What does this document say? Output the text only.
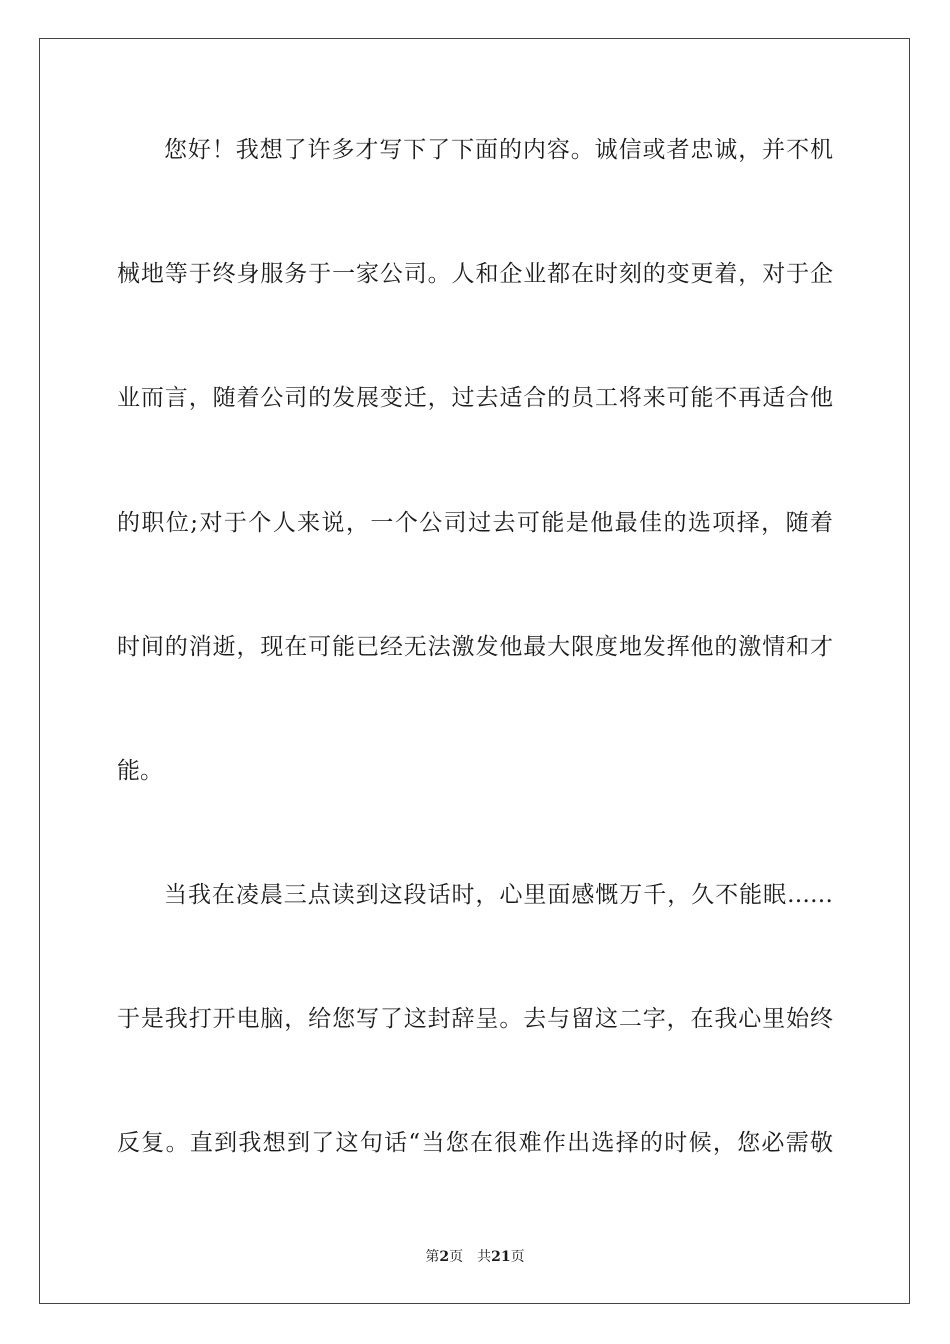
您好！我想了许多才写下了下面的内容。诚信或者忠诚，并不机
械地等于终身服务于一家公司。人和企业都在时刻的变更着，对于企
业而言，随着公司的发展变迁，过去适合的员工将来可能不再适合他
的职位;对于个人来说，一个公司过去可能是他最佳的选项择，随着
时间的消逝，现在可能已经无法激发他最大限度地发挥他的激情和才
能。
当我在凌晨三点读到这段话时，心里面感慨万千，久不能眠……
于是我打开电脑，给您写了这封辞呈。去与留这二字，在我心里始终
反复。直到我想到了这句话“当您在很难作出选择的时候，您必需敬
第2页 共21页
